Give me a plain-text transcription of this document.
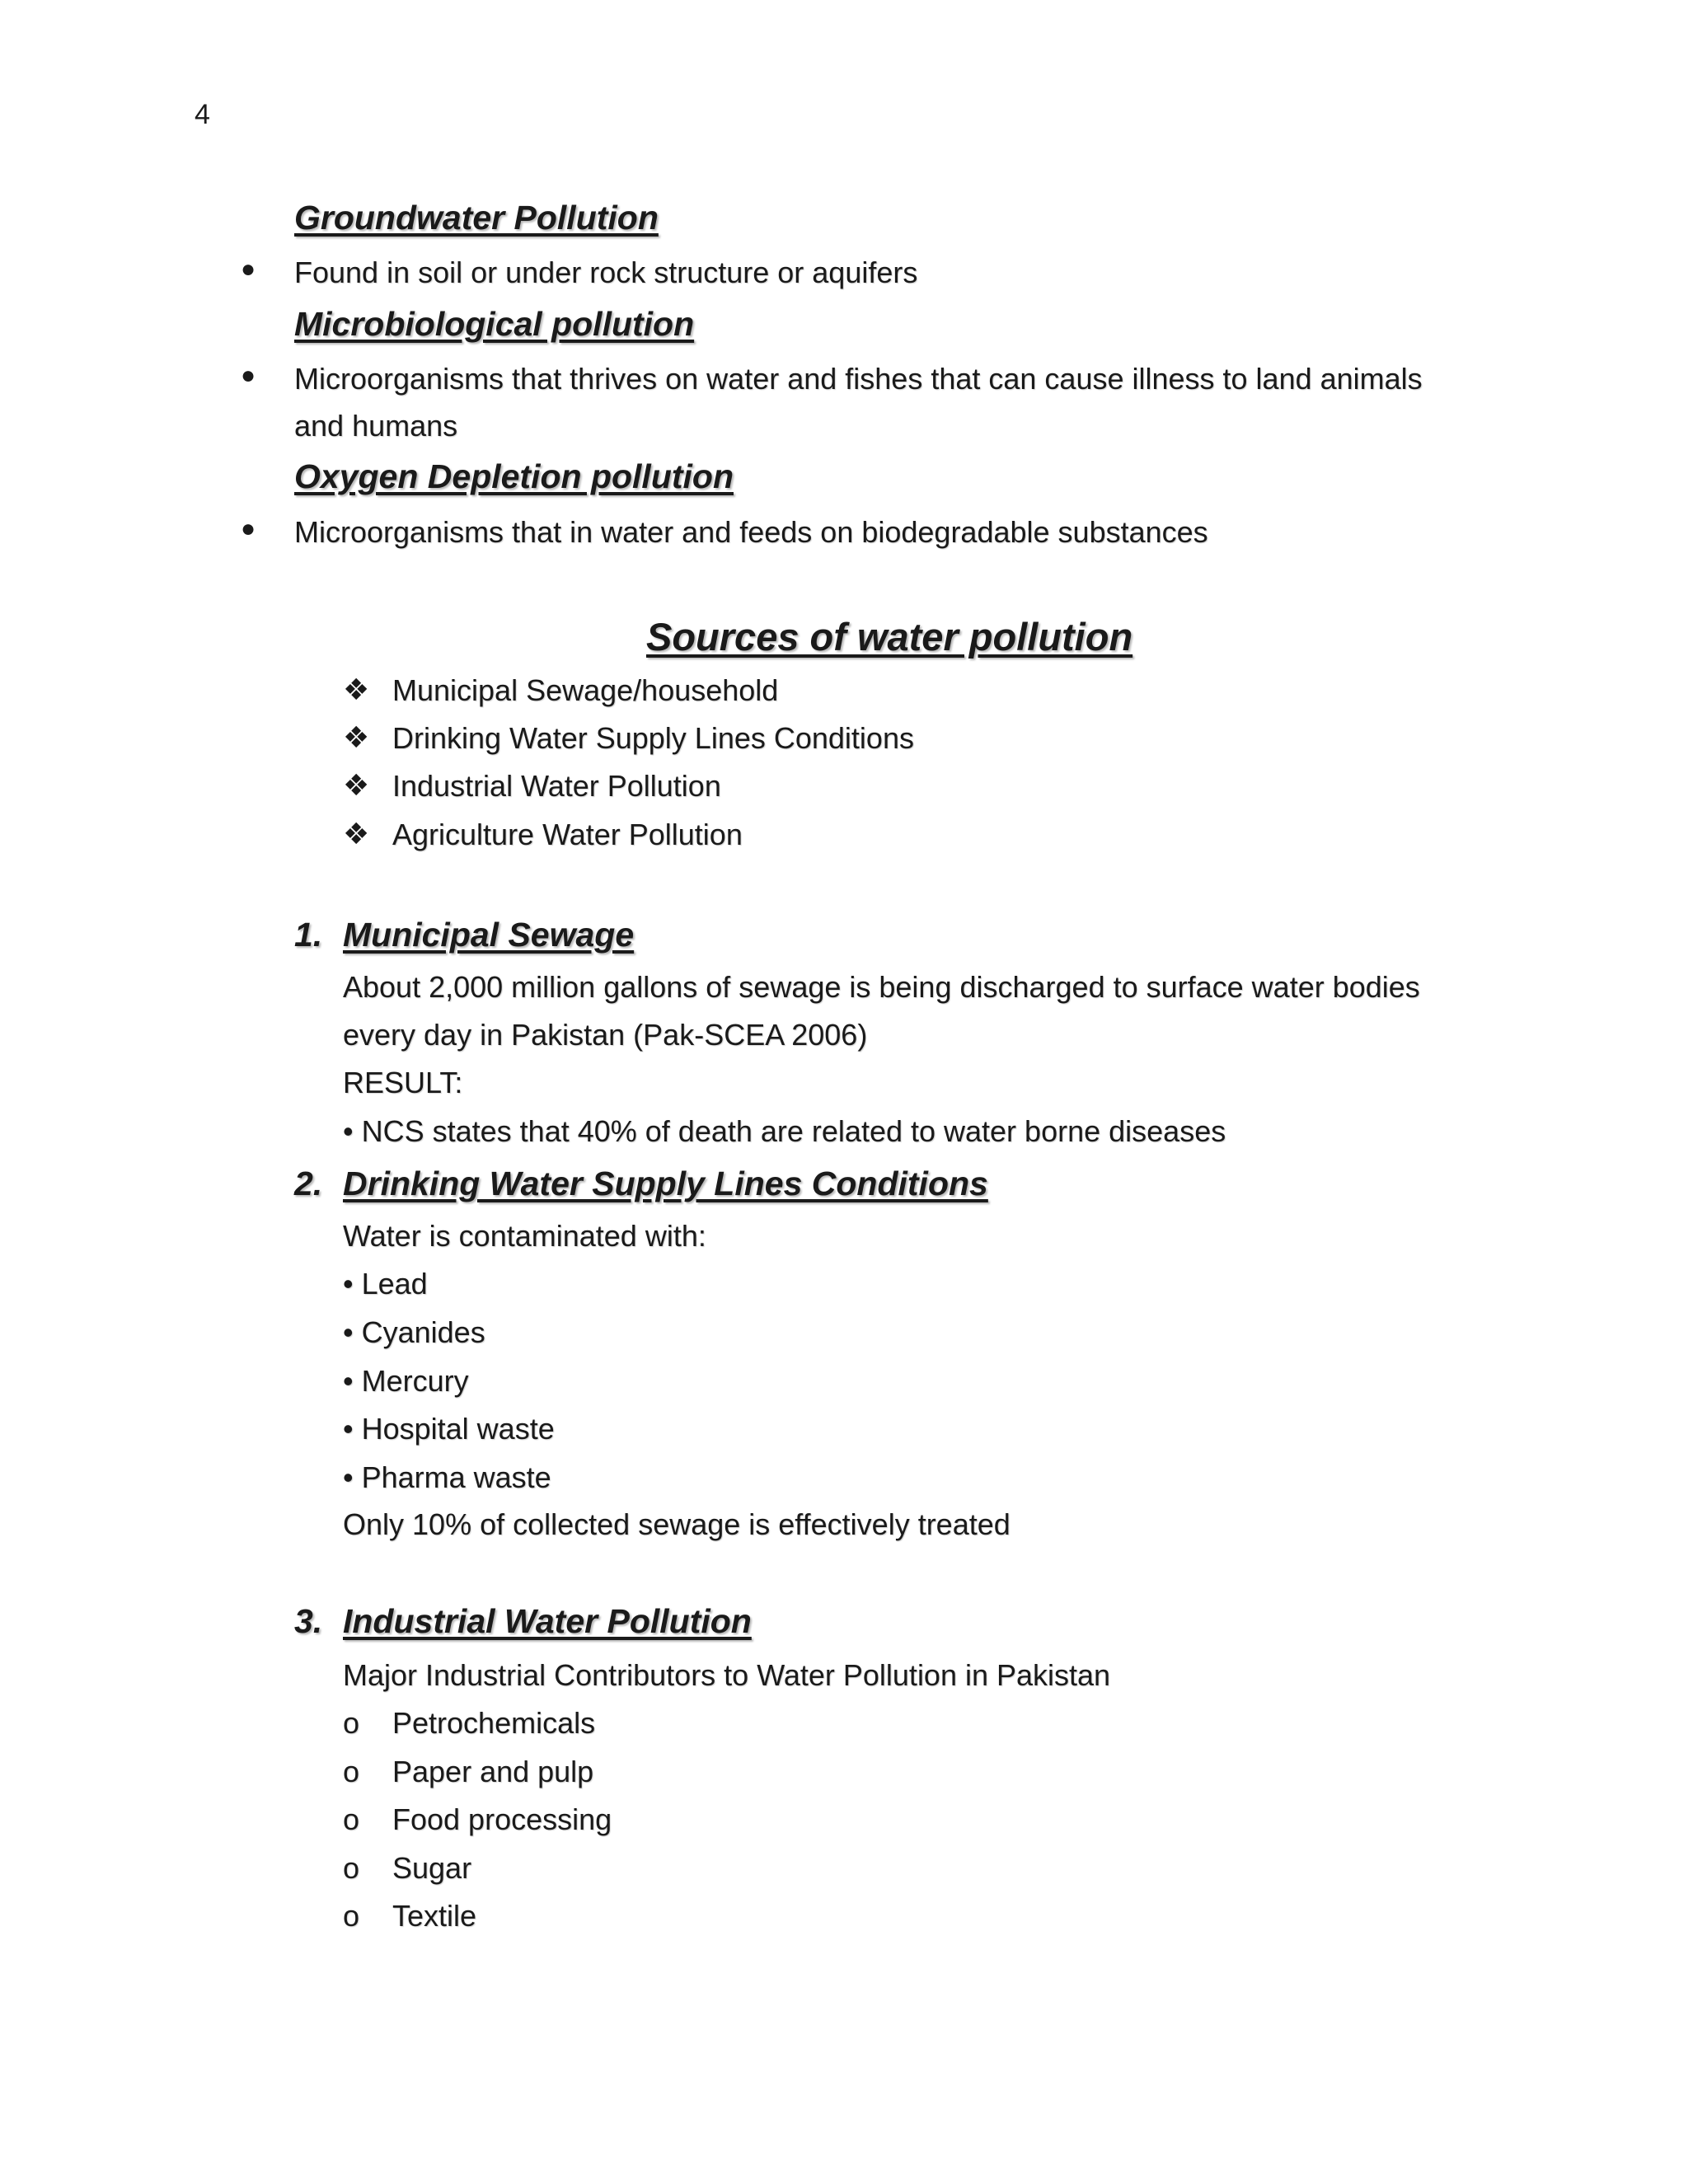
4
Groundwater Pollution
● Found in soil or under rock structure or aquifers
Microbiological pollution
● Microorganisms that thrives on water and fishes that can cause illness to land animals
and humans
Oxygen Depletion pollution
● Microorganisms that in water and feeds on biodegradable substances
Sources of water pollution
❖ Municipal Sewage/household
❖ Drinking Water Supply Lines Conditions
❖ Industrial Water Pollution
❖ Agriculture Water Pollution
1. Municipal Sewage
About 2,000 million gallons of sewage is being discharged to surface water bodies
every day in Pakistan (Pak-SCEA 2006)
RESULT:
• NCS states that 40% of death are related to water borne diseases
2. Drinking Water Supply Lines Conditions
Water is contaminated with:
• Lead
• Cyanides
• Mercury
• Hospital waste
• Pharma waste
Only 10% of collected sewage is effectively treated
3. Industrial Water Pollution
Major Industrial Contributors to Water Pollution in Pakistan
o Petrochemicals
o Paper and pulp
o Food processing
o Sugar
o Textile
